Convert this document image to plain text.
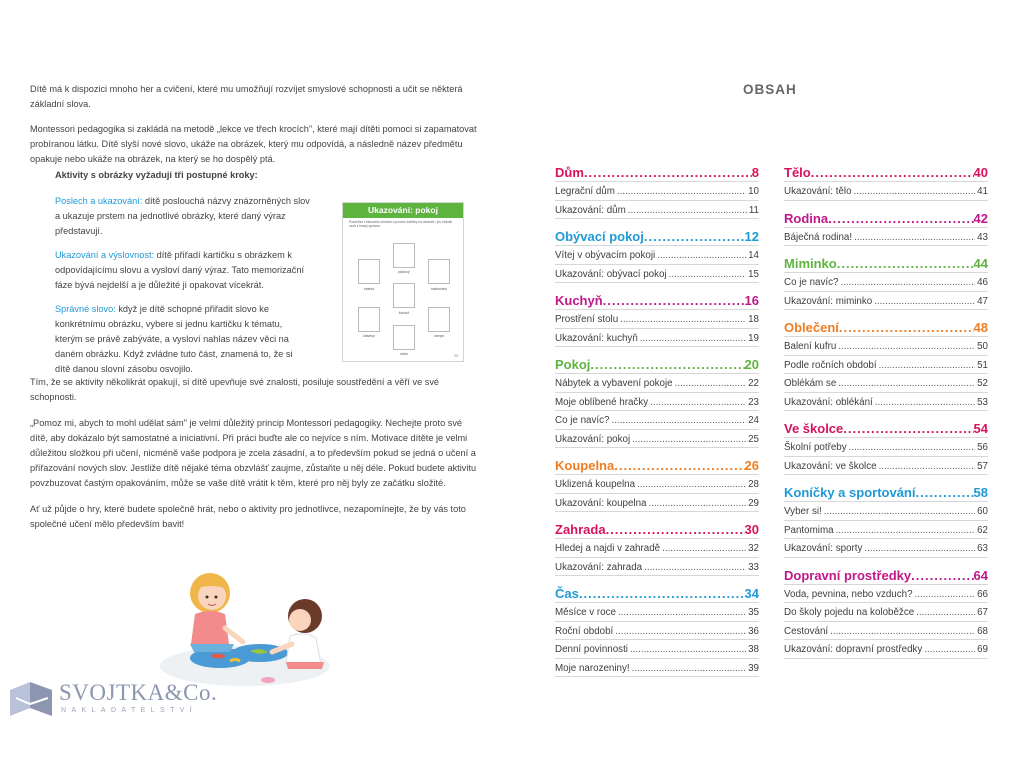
Dítě má k dispozici mnoho her a cvičení, které mu umožňují rozvíjet smyslové schopnosti a učit se některá základní slova.

Montessori pedagogika si zakládá na metodě „lekce ve třech krocích", které mají dítěti pomoci si zapamatovat probíranou látku. Dítě slyší nové slovo, ukáže na obrázek, který mu odpovídá, a následně název předmětu opakuje nebo ukáže na obrázek, na který se ho dospělý ptá.

Aktivity s obrázky vyžadují tři postupné kroky:
Poslech a ukazování: dítě poslouchá názvy znázorněných slov a ukazuje prstem na jednotlivé obrázky, které daný výraz představují.
Ukazování a výslovnost: dítě přiřadí kartičku s obrázkem k odpovídajícímu slovu a vysloví daný výraz. Tato memorizační fáze bývá nejdelší a je důležité ji opakovat vícekrát.
Správné slovo: když je dítě schopné přiřadit slovo ke konkrétnímu obrázku, vybere si jednu kartičku k tématu, kterým se právě zabýváte, a vysloví nahlas název věci na daném obrázku. Když zvládne tuto část, znamená to, že si dítě danou slovní zásobu osvojilo.

Tím, že se aktivity několikrát opakují, si dítě upevňuje své znalosti, posiluje soustředění a věří ve své schopnosti.

„Pomoz mi, abych to mohl udělat sám" je velmi důležitý princip Montessori pedagogiky. Nechejte proto své dítě, aby dokázalo být samostatné a iniciativní. Při práci buďte ale co nejvíce s ním. Motivace dítěte je velmi důležitou složkou při učení, nicméně vaše podpora je zcela zásadní, a to především pokud se jedná o učení a přiřazování nových slov. Jestliže dítě nějaké téma obzvlášť zaujme, zůstaňte u něj déle. Pokud budete aktivitu povzbuzovat častým opakováním, může se vaše dítě vrátit k těm, které pro něj byly ze začátku složité.

Ať už půjde o hry, které budete společně hrát, nebo o aktivity pro jednotlivce, nezapomínejte, že by vás toto společné učení mělo především bavit!

Ukazování: pokoj
Pozdvihni z tiskového obrázek a pomocí kartičky na obrázek i pro několik osob s tmavý správce.
zelená
plyšový
mistrovství
kohout
klávesy	lampa
noční	23
SVOJTKA&Co.
NAKLADATELSTVÍ
OBSAH
Dům .....	8
Legrační dům .....	10
Ukazování: dům .....	11
Obývací pokoj .....	12
Vítej v obývacím pokoji .....	14
Ukazování: obývací pokoj .....	15
Kuchyň .....	16
Prostření stolu .....	18
Ukazování: kuchyň .....	19
Pokoj .....	20
Nábytek a vybavení pokoje .....	22
Moje oblíbené hračky .....	23
Co je navíc? .....	24
Ukazování: pokoj .....	25
Koupelna .....	26
Uklizená koupelna .....	28
Ukazování: koupelna .....	29
Zahrada .....	30
Hledej a najdi v zahradě .....	32
Ukazování: zahrada .....	33
Čas .....	34
Měsíce v roce .....	35
Roční období .....	36
Denní povinnosti .....	38
Moje narozeniny! .....	39
Tělo .....	40
Ukazování: tělo .....	41
Rodina .....	42
Báječná rodina! .....	43
Miminko .....	44
Co je navíc? .....	46
Ukazování: miminko .....	47
Oblečení .....	48
Balení kufru .....	50
Podle ročních období .....	51
Oblékám se .....	52
Ukazování: oblékání .....	53
Ve školce .....	54
Školní potřeby .....	56
Ukazování: ve školce .....	57
Koníčky a sportování .....	58
Vyber si! .....	60
Pantomima .....	62
Ukazování: sporty .....	63
Dopravní prostředky .....	64
Voda, pevnina, nebo vzduch? .....	66
Do školy pojedu na koloběžce .....	67
Cestování .....	68
Ukazování: dopravní prostředky .....	69
